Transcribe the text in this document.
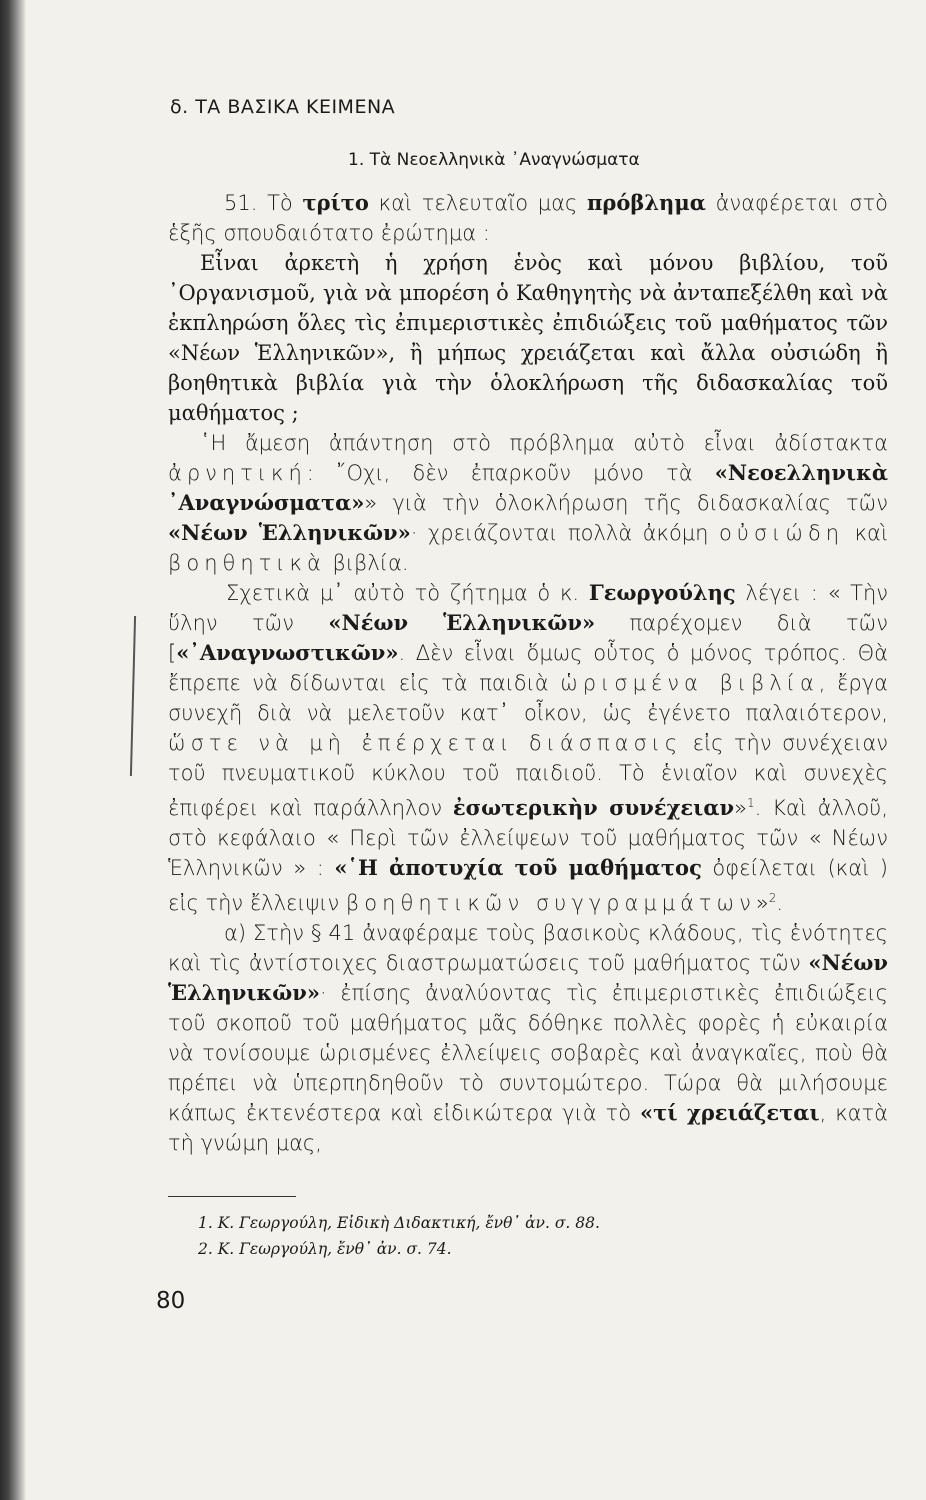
δ. ΤΑ ΒΑΣΙΚΑ ΚΕΙΜΕΝΑ
1. Τὰ Νεοελληνικὰ ᾿Αναγνώσματα

51. Τὸ τρίτο καὶ τελευταῖο μας πρόβλημα ἀναφέρεται στὸ ἑξῆς σπουδαιότατο ἐρώτημα :

Εἶναι ἀρκετὴ ἡ χρήση ἑνὸς καὶ μόνου βιβλίου, τοῦ ᾿Οργανισμοῦ, γιὰ νὰ μπορέση ὁ Καθηγητὴς νὰ ἀνταπεξέλθη καὶ νὰ ἐκπληρώση ὅλες τὶς ἐπιμεριστικὲς ἐπιδιώξεις τοῦ μαθήματος τῶν «Νέων Ἑλληνικῶν», ἢ μήπως χρειάζεται καὶ ἄλλα οὐσιώδη ἢ βοηθητικὰ βιβλία γιὰ τὴν ὁλοκλήρωση τῆς διδασκαλίας τοῦ μαθήματος ;

῾Η ἄμεση ἀπάντηση στὸ πρόβλημα αὐτὸ εἶναι ἀδίστακτα ἀρνητική: ῎Οχι, δὲν ἐπαρκοῦν μόνο τὰ «Νεοελληνικὰ ᾿Αναγνώσματα»» γιὰ τὴν ὁλοκλήρωση τῆς διδασκαλίας τῶν «Νέων Ἑλληνικῶν»· χρειάζονται πολλὰ ἀκόμη οὐσιώδη καὶ βοηθητικὰ βιβλία.

Σχετικὰ μ᾿ αὐτὸ τὸ ζήτημα ὁ κ. Γεωργούλης λέγει : « Τὴν ὕλην τῶν «Νέων Ἑλληνικῶν» παρέχομεν διὰ τῶν [«᾿Αναγνωστικῶν». Δὲν εἶναι ὅμως οὗτος ὁ μόνος τρόπος. Θὰ ἔπρεπε νὰ δίδωνται εἰς τὰ παιδιὰ ὡρισμένα βιβλία, ἔργα συνεχῆ διὰ νὰ μελετοῦν κατ᾿ οἶκον, ὡς ἐγένετο παλαιότερον, ὥστε νὰ μὴ ἐπέρχεται διάσπασις εἰς τὴν συνέχειαν τοῦ πνευματικοῦ κύκλου τοῦ παιδιοῦ. Τὸ ἑνιαῖον καὶ συνεχὲς ἐπιφέρει καὶ παράλληλον ἐσωτερικὴν συνέχειαν»$^1$. Καὶ ἀλλοῦ, στὸ κεφάλαιο « Περὶ τῶν ἐλλείψεων τοῦ μαθήματος τῶν « Νέων Ἑλληνικῶν » : «῾Η ἀποτυχία τοῦ μαθήματος ὀφείλεται (καὶ ) εἰς τὴν ἔλλειψιν βοηθητικῶν συγγραμμάτων»$^2$.

α) Στὴν § 41 ἀναφέραμε τοὺς βασικοὺς κλάδους, τὶς ἑνότητες καὶ τὶς ἀντίστοιχες διαστρωματώσεις τοῦ μαθήματος τῶν «Νέων Ἑλληνικῶν»· ἐπίσης ἀναλύοντας τὶς ἐπιμεριστικὲς ἐπιδιώξεις τοῦ σκοποῦ τοῦ μαθήματος μᾶς δόθηκε πολλὲς φορὲς ἡ εὐκαιρία νὰ τονίσουμε ὡρισμένες ἐλλείψεις σοβαρὲς καὶ ἀναγκαῖες, ποὺ θὰ πρέπει νὰ ὑπερπηδηθοῦν τὸ συντομώτερο. Τώρα θὰ μιλήσουμε κάπως ἐκτενέστερα καὶ εἰδικώτερα γιὰ τὸ «τί χρειάζεται, κατὰ τὴ γνώμη μας,

1. Κ. Γεωργούλη, Εἰδικὴ Διδακτική, ἔνθ᾿ ἀν. σ. 88.
2. Κ. Γεωργούλη, ἔνθ᾿ ἀν. σ. 74.
80
